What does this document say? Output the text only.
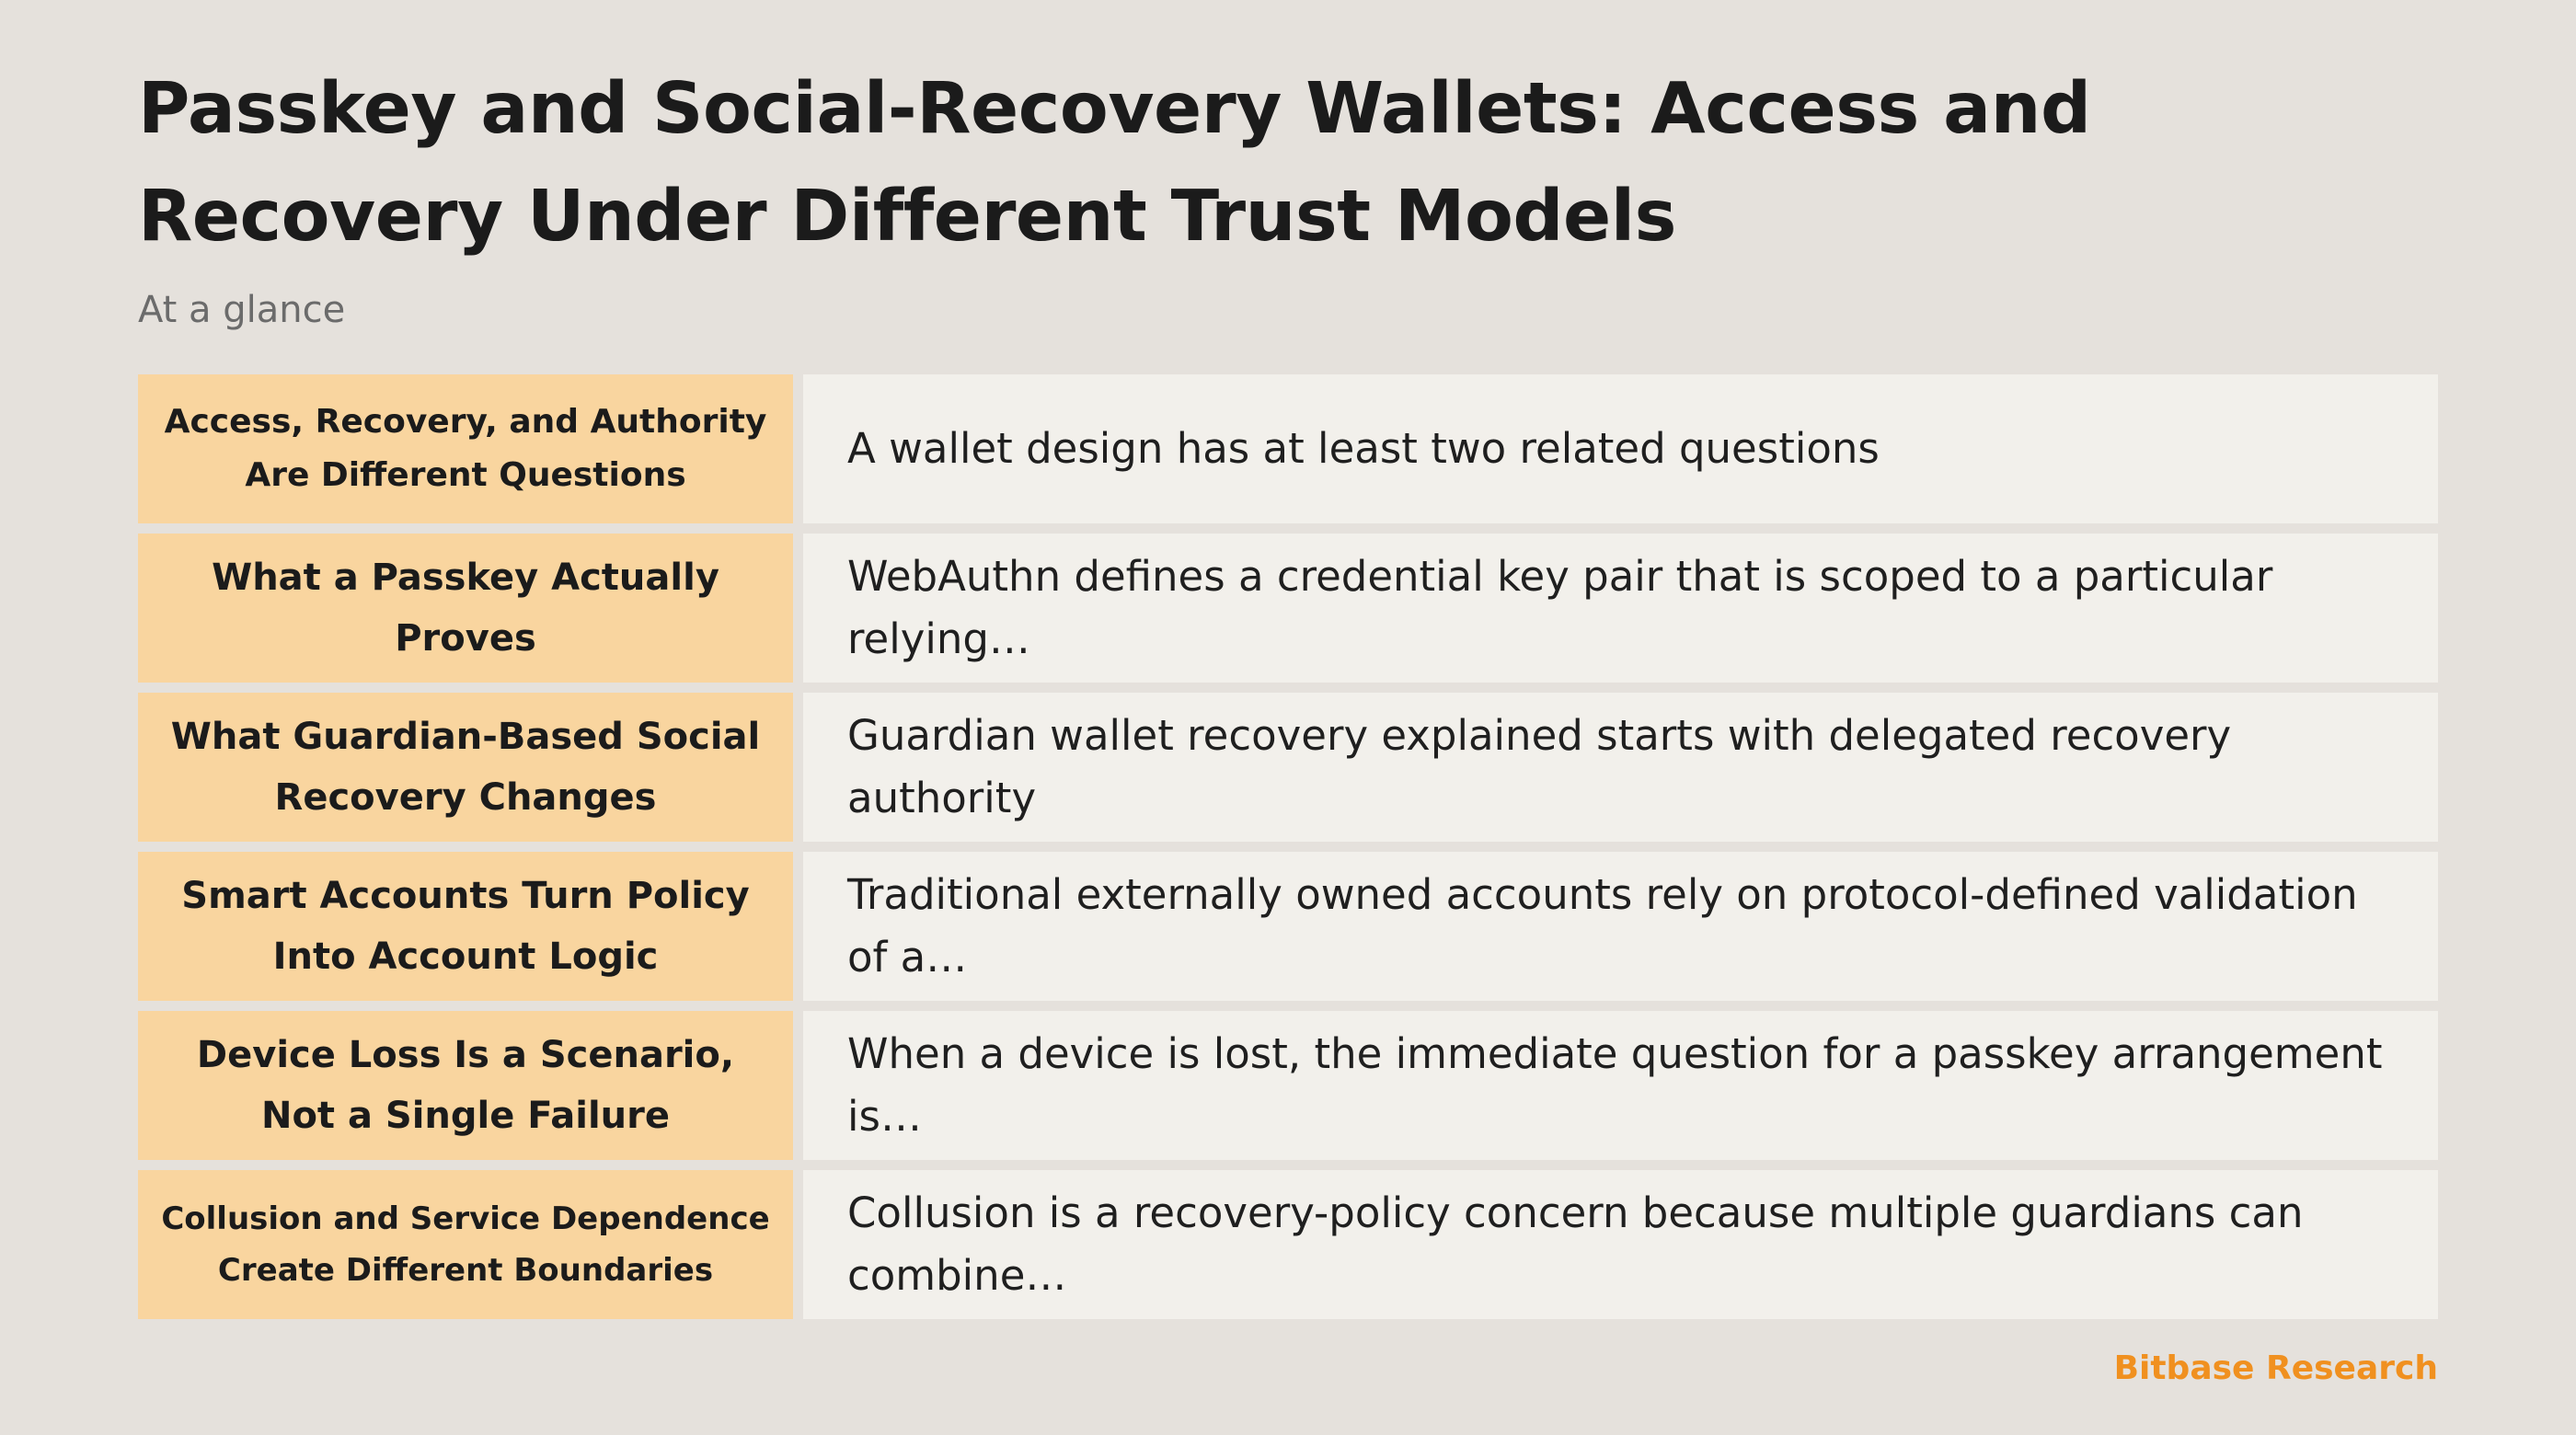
Passkey and Social-Recovery Wallets: Access and Recovery Under Different Trust Models
At a glance
Access, Recovery, and Authority Are Different Questions
A wallet design has at least two related questions
What a Passkey Actually Proves
WebAuthn defines a credential key pair that is scoped to a particular relying…
What Guardian-Based Social Recovery Changes
Guardian wallet recovery explained starts with delegated recovery authority
Smart Accounts Turn Policy Into Account Logic
Traditional externally owned accounts rely on protocol-defined validation of a…
Device Loss Is a Scenario, Not a Single Failure
When a device is lost, the immediate question for a passkey arrangement is…
Collusion and Service Dependence Create Different Boundaries
Collusion is a recovery-policy concern because multiple guardians can combine…
Bitbase Research
